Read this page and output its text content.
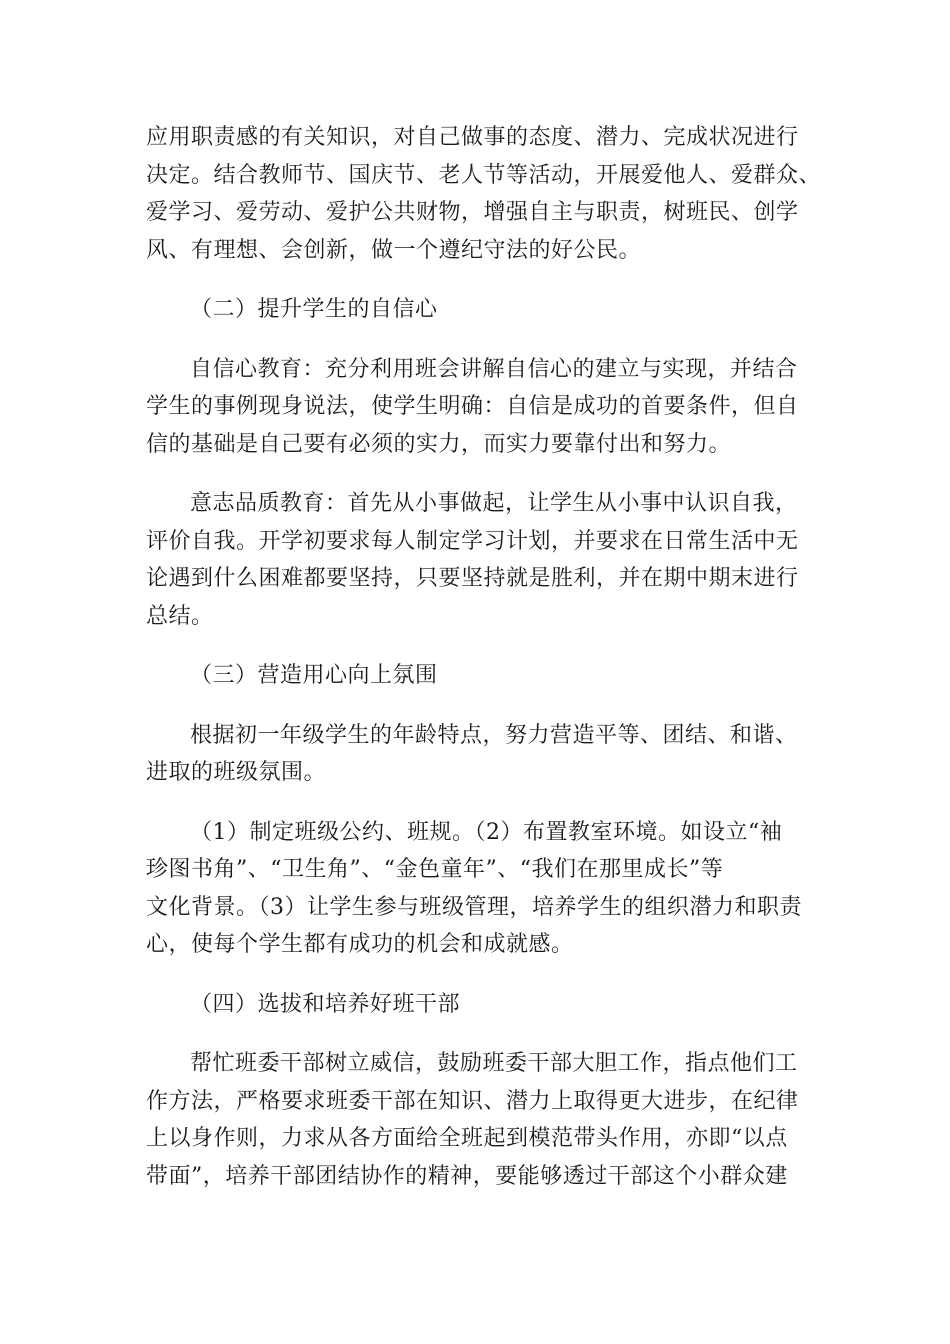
应用职责感的有关知识，对自己做事的态度、潜力、完成状况进行
决定。结合教师节、国庆节、老人节等活动，开展爱他人、爱群众、
爱学习、爱劳动、爱护公共财物，增强自主与职责，树班民、创学
风、有理想、会创新，做一个遵纪守法的好公民。
（二）提升学生的自信心
自信心教育：充分利用班会讲解自信心的建立与实现，并结合
学生的事例现身说法，使学生明确：自信是成功的首要条件，但自
信的基础是自己要有必须的实力，而实力要靠付出和努力。
意志品质教育：首先从小事做起，让学生从小事中认识自我，
评价自我。开学初要求每人制定学习计划，并要求在日常生活中无
论遇到什么困难都要坚持，只要坚持就是胜利，并在期中期末进行
总结。
（三）营造用心向上氛围
根据初一年级学生的年龄特点，努力营造平等、团结、和谐、
进取的班级氛围。
（1）制定班级公约、班规。（2）布置教室环境。如设立“袖
珍图书角”、“卫生角”、“金色童年”、“我们在那里成长”等
文化背景。（3）让学生参与班级管理，培养学生的组织潜力和职责
心，使每个学生都有成功的机会和成就感。
（四）选拔和培养好班干部
帮忙班委干部树立威信，鼓励班委干部大胆工作，指点他们工
作方法，严格要求班委干部在知识、潜力上取得更大进步，在纪律
上以身作则，力求从各方面给全班起到模范带头作用，亦即“以点
带面”，培养干部团结协作的精神，要能够透过干部这个小群众建
